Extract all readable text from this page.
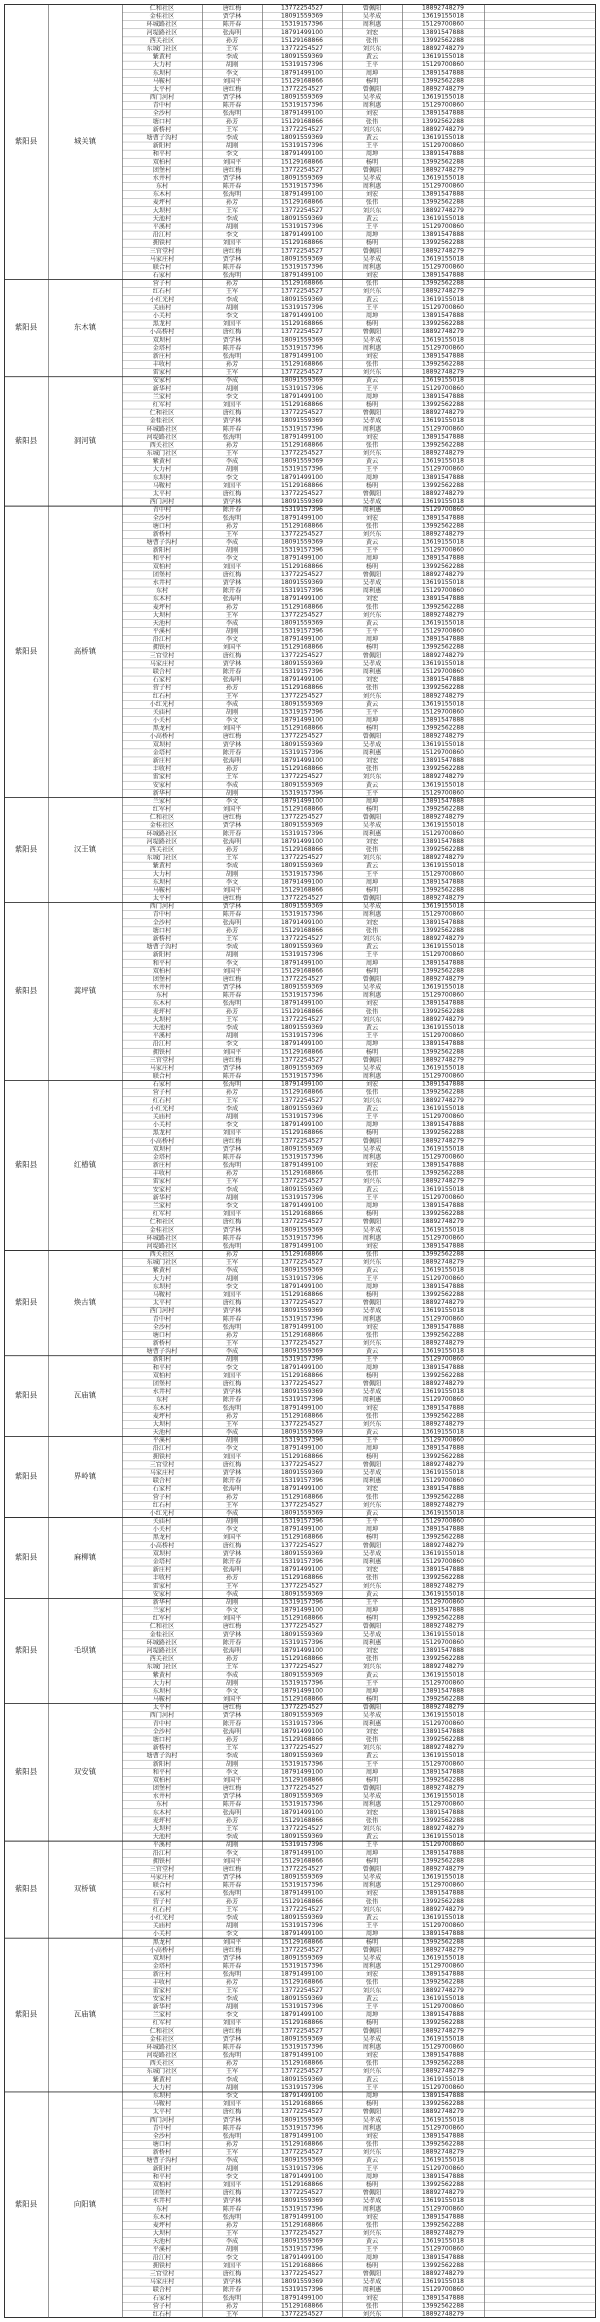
紫阳县	城关镇
仁和社区	唐红梅	13772254527	曾佩阳	18892748279
金桂社区	贾学林	18091559369	吴孝成	13619155018
环城路社区	陈开春	15319157396	周利惠	15129700860
河堤路社区	张海明	18791499100	刘宏	13891547888
西关社区	孙芳	15129168866	张伟	13992562288
东城门社区	王军	13772254527	刘兴东	18892748279
紫黄村	李成	18091559369	黄云	13619155018
大力村	胡刚	15319157396	王平	15129700860
东坝村	李文	18791499100	周坤	13891547888
马鞍村	刘国平	15129168866	杨明	13992562288
太平村	唐红梅	13772254527	曾佩阳	18892748279
西门河村	贾学林	18091559369	吴孝成	13619155018
青中村	陈开春	15319157396	周利惠	15129700860
全沙村	张海明	18791499100	刘宏	13891547888
塘口村	孙芳	15129168866	张伟	13992562288
新桥村	王军	13772254527	刘兴东	18892748279
塘曹子沟村	李成	18091559369	黄云	13619155018
新阳村	胡刚	15319157396	王平	15129700860
和平村	李文	18791499100	周坤	13891547888
双柏村	刘国平	15129168866	杨明	13992562288
团堡村	唐红梅	13772254527	曾佩阳	18892748279
水井村	贾学林	18091559369	吴孝成	13619155018
东村	陈开春	15319157396	周利惠	15129700860
东木村	张海明	18791499100	刘宏	13891547888
麦坪村	孙芳	15129168866	张伟	13992562288
大坝村	王军	13772254527	刘兴东	18892748279
天池村	李成	18091559369	黄云	13619155018
平溪村	胡刚	15319157396	王平	15129700860
沿江村	李文	18791499100	周坤	13891547888
拥铁村	刘国平	15129168866	杨明	13992562288
三官堂村	唐红梅	13772254527	曾佩阳	18892748279
马家庄村	贾学林	18091559369	吴孝成	13619155018
联合村	陈开春	15319157396	周利惠	15129700860
石家村	张海明	18791499100	刘宏	13891547888
紫阳县	东木镇
营子村	孙芳	15129168866	张伟	13992562288
红石村	王军	13772254527	刘兴东	18892748279
小红光村	李成	18091559369	黄云	13619155018
关庙村	胡刚	15319157396	王平	15129700860
小关村	李文	18791499100	周坤	13891547888
黑龙村	刘国平	15129168866	杨明	13992562288
小高桥村	唐红梅	13772254527	曾佩阳	18892748279
双坝村	贾学林	18091559369	吴孝成	13619155018
金塔村	陈开春	15319157396	周利惠	15129700860
新庄村	张海明	18791499100	刘宏	13891547888
丰收村	孙芳	15129168866	张伟	13992562288
雷家村	王军	13772254527	刘兴东	18892748279
紫阳县	洞河镇
安家村	李成	18091559369	黄云	13619155018
新华村	胡刚	15319157396	王平	15129700860
兰家村	李文	18791499100	周坤	13891547888
红军村	刘国平	15129168866	杨明	13992562288
仁和社区	唐红梅	13772254527	曾佩阳	18892748279
金桂社区	贾学林	18091559369	吴孝成	13619155018
环城路社区	陈开春	15319157396	周利惠	15129700860
河堤路社区	张海明	18791499100	刘宏	13891547888
西关社区	孙芳	15129168866	张伟	13992562288
东城门社区	王军	13772254527	刘兴东	18892748279
紫黄村	李成	18091559369	黄云	13619155018
大力村	胡刚	15319157396	王平	15129700860
东坝村	李文	18791499100	周坤	13891547888
马鞍村	刘国平	15129168866	杨明	13992562288
太平村	唐红梅	13772254527	曾佩阳	18892748279
西门河村	贾学林	18091559369	吴孝成	13619155018
紫阳县	高桥镇
青中村	陈开春	15319157396	周利惠	15129700860
全沙村	张海明	18791499100	刘宏	13891547888
塘口村	孙芳	15129168866	张伟	13992562288
新桥村	王军	13772254527	刘兴东	18892748279
塘曹子沟村	李成	18091559369	黄云	13619155018
新阳村	胡刚	15319157396	王平	15129700860
和平村	李文	18791499100	周坤	13891547888
双柏村	刘国平	15129168866	杨明	13992562288
团堡村	唐红梅	13772254527	曾佩阳	18892748279
水井村	贾学林	18091559369	吴孝成	13619155018
东村	陈开春	15319157396	周利惠	15129700860
东木村	张海明	18791499100	刘宏	13891547888
麦坪村	孙芳	15129168866	张伟	13992562288
大坝村	王军	13772254527	刘兴东	18892748279
天池村	李成	18091559369	黄云	13619155018
平溪村	胡刚	15319157396	王平	15129700860
沿江村	李文	18791499100	周坤	13891547888
拥铁村	刘国平	15129168866	杨明	13992562288
三官堂村	唐红梅	13772254527	曾佩阳	18892748279
马家庄村	贾学林	18091559369	吴孝成	13619155018
联合村	陈开春	15319157396	周利惠	15129700860
石家村	张海明	18791499100	刘宏	13891547888
营子村	孙芳	15129168866	张伟	13992562288
红石村	王军	13772254527	刘兴东	18892748279
小红光村	李成	18091559369	黄云	13619155018
关庙村	胡刚	15319157396	王平	15129700860
小关村	李文	18791499100	周坤	13891547888
黑龙村	刘国平	15129168866	杨明	13992562288
小高桥村	唐红梅	13772254527	曾佩阳	18892748279
双坝村	贾学林	18091559369	吴孝成	13619155018
金塔村	陈开春	15319157396	周利惠	15129700860
新庄村	张海明	18791499100	刘宏	13891547888
丰收村	孙芳	15129168866	张伟	13992562288
雷家村	王军	13772254527	刘兴东	18892748279
安家村	李成	18091559369	黄云	13619155018
新华村	胡刚	15319157396	王平	15129700860
紫阳县	汉王镇
兰家村	李文	18791499100	周坤	13891547888
红军村	刘国平	15129168866	杨明	13992562288
仁和社区	唐红梅	13772254527	曾佩阳	18892748279
金桂社区	贾学林	18091559369	吴孝成	13619155018
环城路社区	陈开春	15319157396	周利惠	15129700860
河堤路社区	张海明	18791499100	刘宏	13891547888
西关社区	孙芳	15129168866	张伟	13992562288
东城门社区	王军	13772254527	刘兴东	18892748279
紫黄村	李成	18091559369	黄云	13619155018
大力村	胡刚	15319157396	王平	15129700860
东坝村	李文	18791499100	周坤	13891547888
马鞍村	刘国平	15129168866	杨明	13992562288
太平村	唐红梅	13772254527	曾佩阳	18892748279
紫阳县	蒿坪镇
西门河村	贾学林	18091559369	吴孝成	13619155018
青中村	陈开春	15319157396	周利惠	15129700860
全沙村	张海明	18791499100	刘宏	13891547888
塘口村	孙芳	15129168866	张伟	13992562288
新桥村	王军	13772254527	刘兴东	18892748279
塘曹子沟村	李成	18091559369	黄云	13619155018
新阳村	胡刚	15319157396	王平	15129700860
和平村	李文	18791499100	周坤	13891547888
双柏村	刘国平	15129168866	杨明	13992562288
团堡村	唐红梅	13772254527	曾佩阳	18892748279
水井村	贾学林	18091559369	吴孝成	13619155018
东村	陈开春	15319157396	周利惠	15129700860
东木村	张海明	18791499100	刘宏	13891547888
麦坪村	孙芳	15129168866	张伟	13992562288
大坝村	王军	13772254527	刘兴东	18892748279
天池村	李成	18091559369	黄云	13619155018
平溪村	胡刚	15319157396	王平	15129700860
沿江村	李文	18791499100	周坤	13891547888
拥铁村	刘国平	15129168866	杨明	13992562288
三官堂村	唐红梅	13772254527	曾佩阳	18892748279
马家庄村	贾学林	18091559369	吴孝成	13619155018
联合村	陈开春	15319157396	周利惠	15129700860
紫阳县	红椿镇
石家村	张海明	18791499100	刘宏	13891547888
营子村	孙芳	15129168866	张伟	13992562288
红石村	王军	13772254527	刘兴东	18892748279
小红光村	李成	18091559369	黄云	13619155018
关庙村	胡刚	15319157396	王平	15129700860
小关村	李文	18791499100	周坤	13891547888
黑龙村	刘国平	15129168866	杨明	13992562288
小高桥村	唐红梅	13772254527	曾佩阳	18892748279
双坝村	贾学林	18091559369	吴孝成	13619155018
金塔村	陈开春	15319157396	周利惠	15129700860
新庄村	张海明	18791499100	刘宏	13891547888
丰收村	孙芳	15129168866	张伟	13992562288
雷家村	王军	13772254527	刘兴东	18892748279
安家村	李成	18091559369	黄云	13619155018
新华村	胡刚	15319157396	王平	15129700860
兰家村	李文	18791499100	周坤	13891547888
红军村	刘国平	15129168866	杨明	13992562288
仁和社区	唐红梅	13772254527	曾佩阳	18892748279
金桂社区	贾学林	18091559369	吴孝成	13619155018
环城路社区	陈开春	15319157396	周利惠	15129700860
河堤路社区	张海明	18791499100	刘宏	13891547888
紫阳县	焕古镇
西关社区	孙芳	15129168866	张伟	13992562288
东城门社区	王军	13772254527	刘兴东	18892748279
紫黄村	李成	18091559369	黄云	13619155018
大力村	胡刚	15319157396	王平	15129700860
东坝村	李文	18791499100	周坤	13891547888
马鞍村	刘国平	15129168866	杨明	13992562288
太平村	唐红梅	13772254527	曾佩阳	18892748279
西门河村	贾学林	18091559369	吴孝成	13619155018
青中村	陈开春	15319157396	周利惠	15129700860
全沙村	张海明	18791499100	刘宏	13891547888
塘口村	孙芳	15129168866	张伟	13992562288
新桥村	王军	13772254527	刘兴东	18892748279
塘曹子沟村	李成	18091559369	黄云	13619155018
紫阳县	瓦庙镇
新阳村	胡刚	15319157396	王平	15129700860
和平村	李文	18791499100	周坤	13891547888
双柏村	刘国平	15129168866	杨明	13992562288
团堡村	唐红梅	13772254527	曾佩阳	18892748279
水井村	贾学林	18091559369	吴孝成	13619155018
东村	陈开春	15319157396	周利惠	15129700860
东木村	张海明	18791499100	刘宏	13891547888
麦坪村	孙芳	15129168866	张伟	13992562288
大坝村	王军	13772254527	刘兴东	18892748279
天池村	李成	18091559369	黄云	13619155018
紫阳县	界岭镇
平溪村	胡刚	15319157396	王平	15129700860
沿江村	李文	18791499100	周坤	13891547888
拥铁村	刘国平	15129168866	杨明	13992562288
三官堂村	唐红梅	13772254527	曾佩阳	18892748279
马家庄村	贾学林	18091559369	吴孝成	13619155018
联合村	陈开春	15319157396	周利惠	15129700860
石家村	张海明	18791499100	刘宏	13891547888
营子村	孙芳	15129168866	张伟	13992562288
红石村	王军	13772254527	刘兴东	18892748279
小红光村	李成	18091559369	黄云	13619155018
紫阳县	麻柳镇
关庙村	胡刚	15319157396	王平	15129700860
小关村	李文	18791499100	周坤	13891547888
黑龙村	刘国平	15129168866	杨明	13992562288
小高桥村	唐红梅	13772254527	曾佩阳	18892748279
双坝村	贾学林	18091559369	吴孝成	13619155018
金塔村	陈开春	15319157396	周利惠	15129700860
新庄村	张海明	18791499100	刘宏	13891547888
丰收村	孙芳	15129168866	张伟	13992562288
雷家村	王军	13772254527	刘兴东	18892748279
安家村	李成	18091559369	黄云	13619155018
紫阳县	毛坝镇
新华村	胡刚	15319157396	王平	15129700860
兰家村	李文	18791499100	周坤	13891547888
红军村	刘国平	15129168866	杨明	13992562288
仁和社区	唐红梅	13772254527	曾佩阳	18892748279
金桂社区	贾学林	18091559369	吴孝成	13619155018
环城路社区	陈开春	15319157396	周利惠	15129700860
河堤路社区	张海明	18791499100	刘宏	13891547888
西关社区	孙芳	15129168866	张伟	13992562288
东城门社区	王军	13772254527	刘兴东	18892748279
紫黄村	李成	18091559369	黄云	13619155018
大力村	胡刚	15319157396	王平	15129700860
东坝村	李文	18791499100	周坤	13891547888
马鞍村	刘国平	15129168866	杨明	13992562288
紫阳县	双安镇
太平村	唐红梅	13772254527	曾佩阳	18892748279
西门河村	贾学林	18091559369	吴孝成	13619155018
青中村	陈开春	15319157396	周利惠	15129700860
全沙村	张海明	18791499100	刘宏	13891547888
塘口村	孙芳	15129168866	张伟	13992562288
新桥村	王军	13772254527	刘兴东	18892748279
塘曹子沟村	李成	18091559369	黄云	13619155018
新阳村	胡刚	15319157396	王平	15129700860
和平村	李文	18791499100	周坤	13891547888
双柏村	刘国平	15129168866	杨明	13992562288
团堡村	唐红梅	13772254527	曾佩阳	18892748279
水井村	贾学林	18091559369	吴孝成	13619155018
东村	陈开春	15319157396	周利惠	15129700860
东木村	张海明	18791499100	刘宏	13891547888
麦坪村	孙芳	15129168866	张伟	13992562288
大坝村	王军	13772254527	刘兴东	18892748279
天池村	李成	18091559369	黄云	13619155018
紫阳县	双桥镇
平溪村	胡刚	15319157396	王平	15129700860
沿江村	李文	18791499100	周坤	13891547888
拥铁村	刘国平	15129168866	杨明	13992562288
三官堂村	唐红梅	13772254527	曾佩阳	18892748279
马家庄村	贾学林	18091559369	吴孝成	13619155018
联合村	陈开春	15319157396	周利惠	15129700860
石家村	张海明	18791499100	刘宏	13891547888
营子村	孙芳	15129168866	张伟	13992562288
红石村	王军	13772254527	刘兴东	18892748279
小红光村	李成	18091559369	黄云	13619155018
关庙村	胡刚	15319157396	王平	15129700860
小关村	李文	18791499100	周坤	13891547888
紫阳县	瓦庙镇
黑龙村	刘国平	15129168866	杨明	13992562288
小高桥村	唐红梅	13772254527	曾佩阳	18892748279
双坝村	贾学林	18091559369	吴孝成	13619155018
金塔村	陈开春	15319157396	周利惠	15129700860
新庄村	张海明	18791499100	刘宏	13891547888
丰收村	孙芳	15129168866	张伟	13992562288
雷家村	王军	13772254527	刘兴东	18892748279
安家村	李成	18091559369	黄云	13619155018
新华村	胡刚	15319157396	王平	15129700860
兰家村	李文	18791499100	周坤	13891547888
红军村	刘国平	15129168866	杨明	13992562288
仁和社区	唐红梅	13772254527	曾佩阳	18892748279
金桂社区	贾学林	18091559369	吴孝成	13619155018
环城路社区	陈开春	15319157396	周利惠	15129700860
河堤路社区	张海明	18791499100	刘宏	13891547888
西关社区	孙芳	15129168866	张伟	13992562288
东城门社区	王军	13772254527	刘兴东	18892748279
紫黄村	李成	18091559369	黄云	13619155018
大力村	胡刚	15319157396	王平	15129700860
紫阳县	向阳镇
东坝村	李文	18791499100	周坤	13891547888
马鞍村	刘国平	15129168866	杨明	13992562288
太平村	唐红梅	13772254527	曾佩阳	18892748279
西门河村	贾学林	18091559369	吴孝成	13619155018
青中村	陈开春	15319157396	周利惠	15129700860
全沙村	张海明	18791499100	刘宏	13891547888
塘口村	孙芳	15129168866	张伟	13992562288
新桥村	王军	13772254527	刘兴东	18892748279
塘曹子沟村	李成	18091559369	黄云	13619155018
新阳村	胡刚	15319157396	王平	15129700860
和平村	李文	18791499100	周坤	13891547888
双柏村	刘国平	15129168866	杨明	13992562288
团堡村	唐红梅	13772254527	曾佩阳	18892748279
水井村	贾学林	18091559369	吴孝成	13619155018
东村	陈开春	15319157396	周利惠	15129700860
东木村	张海明	18791499100	刘宏	13891547888
麦坪村	孙芳	15129168866	张伟	13992562288
大坝村	王军	13772254527	刘兴东	18892748279
天池村	李成	18091559369	黄云	13619155018
平溪村	胡刚	15319157396	王平	15129700860
沿江村	李文	18791499100	周坤	13891547888
拥铁村	刘国平	15129168866	杨明	13992562288
三官堂村	唐红梅	13772254527	曾佩阳	18892748279
马家庄村	贾学林	18091559369	吴孝成	13619155018
联合村	陈开春	15319157396	周利惠	15129700860
石家村	张海明	18791499100	刘宏	13891547888
营子村	孙芳	15129168866	张伟	13992562288
红石村	王军	13772254527	刘兴东	18892748279
